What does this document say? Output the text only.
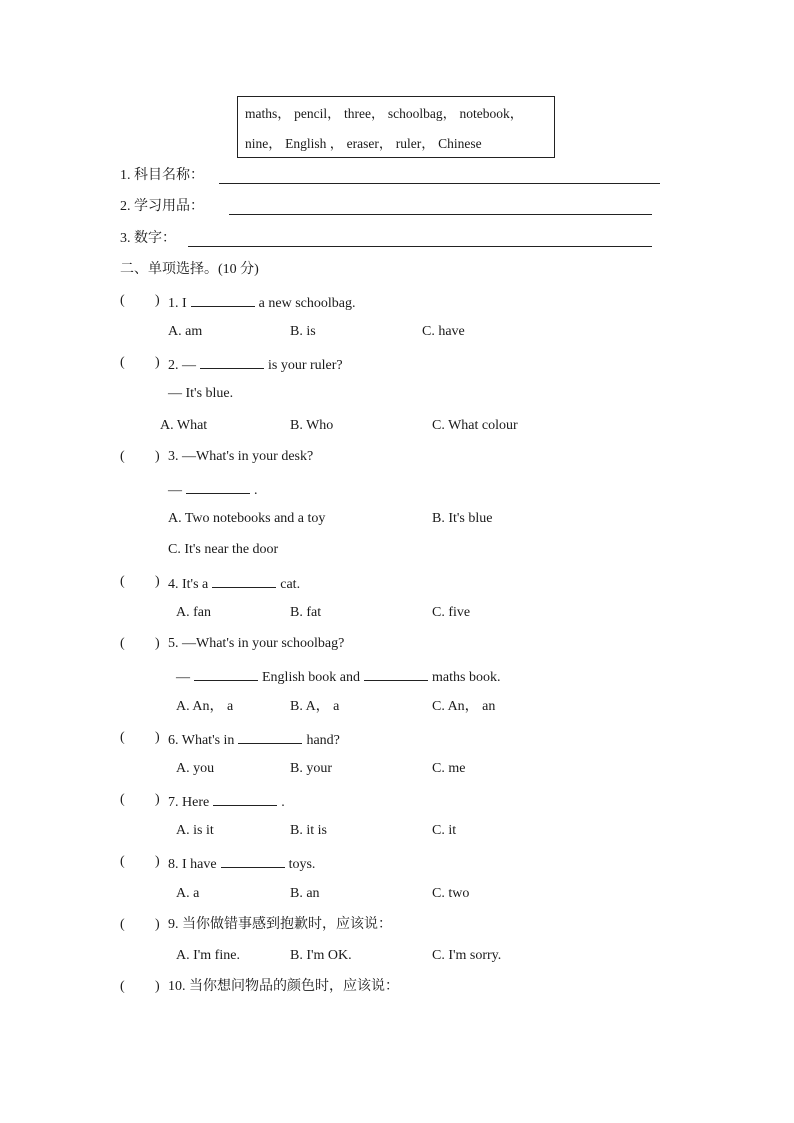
maths， pencil， three， schoolbag， notebook，
nine， English ， eraser， ruler， Chinese
1. 科目名称：
2. 学习用品：
3. 数字：
二、单项选择。(10 分)
( ) 1. I	a new schoolbag.
A. am	B. is	C. have
( ) 2. —	is your ruler?
— It's blue.
A. What	B. Who	C. What colour
( ) 3. —What's in your desk?
—	.
A. Two notebooks and a toy	B. It's blue
C. It's near the door
( ) 4. It's a	cat.
A. fan	B. fat	C. five
( ) 5. —What's in your schoolbag?
—	English book and	maths book.
A. An， a	B. A， a	C. An， an
( ) 6. What's in	hand?
A. you	B. your	C. me
( ) 7. Here	.
A. is it	B. it is	C. it
( ) 8. I have	toys.
A. a	B. an	C. two
( ) 9. 当你做错事感到抱歉时，应该说：
A. I'm fine.	B. I'm OK.	C. I'm sorry.
( ) 10. 当你想问物品的颜色时，应该说：
